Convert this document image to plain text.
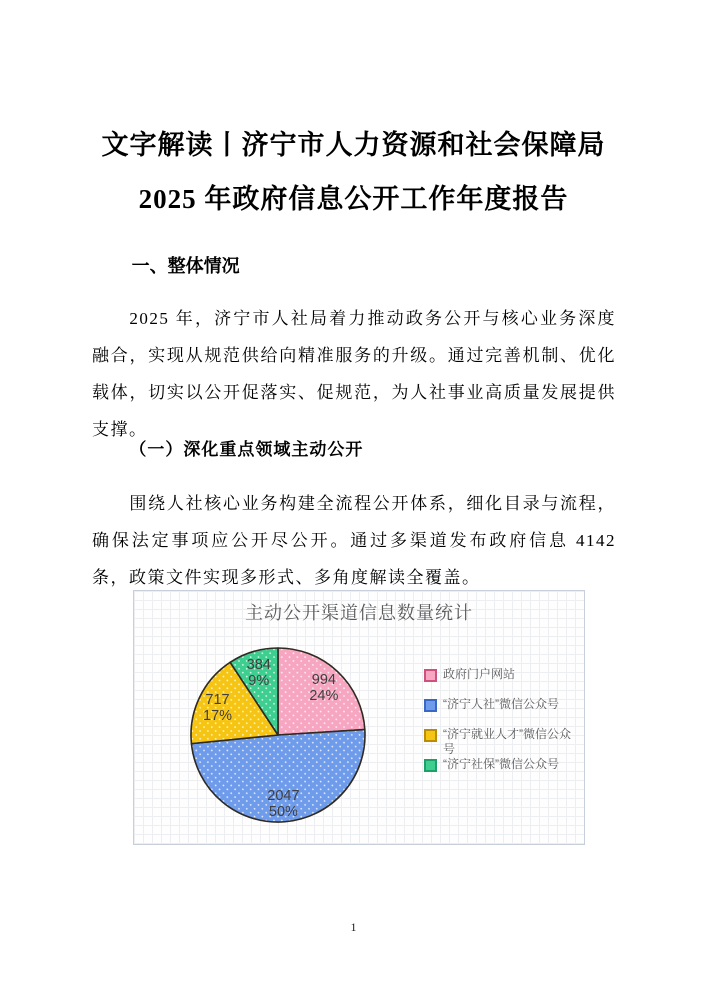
文字解读丨济宁市人力资源和社会保障局
2025 年政府信息公开工作年度报告
一、整体情况

2025 年，济宁市人社局着力推动政务公开与核心业务深度融合，实现从规范供给向精准服务的升级。通过完善机制、优化载体，切实以公开促落实、促规范，为人社事业高质量发展提供支撑。

（一）深化重点领域主动公开

围绕人社核心业务构建全流程公开体系，细化目录与流程，确保法定事项应公开尽公开。通过多渠道发布政府信息 4142 条，政策文件实现多形式、多角度解读全覆盖。

主动公开渠道信息数量统计
994 24%
2047 50%
717 17%
384 9%	政府门户网站
“济宁人社”微信公众号
“济宁就业人才”微信公众号
“济宁社保”微信公众号
1
